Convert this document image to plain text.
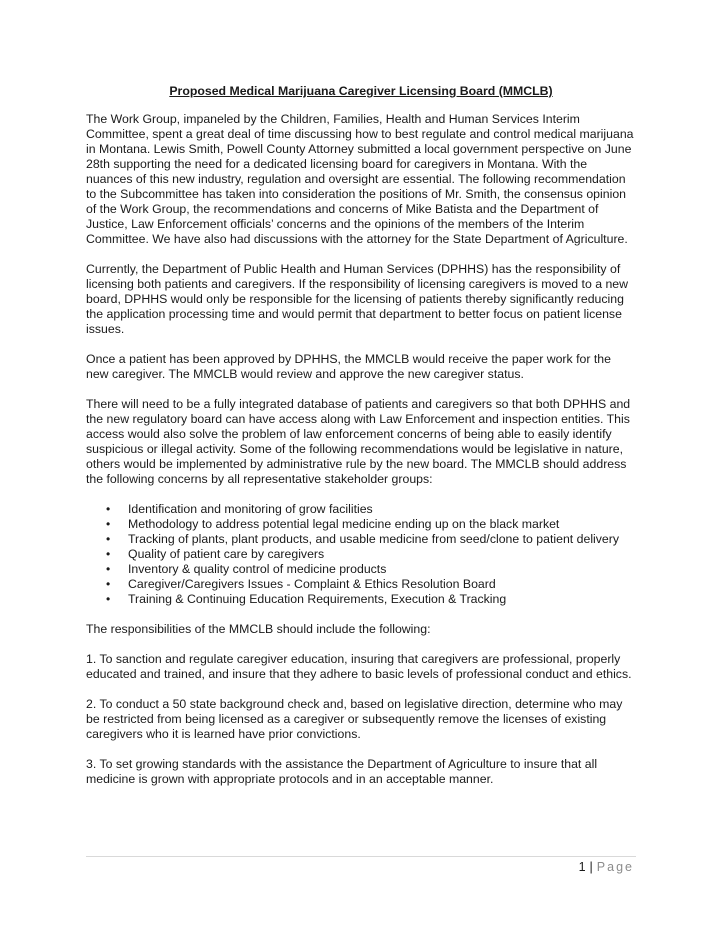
Proposed Medical Marijuana Caregiver Licensing Board (MMCLB)

The Work Group, impaneled by the Children, Families, Health and Human Services Interim Committee, spent a great deal of time discussing how to best regulate and control medical marijuana in Montana. Lewis Smith, Powell County Attorney submitted a local government perspective on June 28th supporting the need for a dedicated licensing board for caregivers in Montana. With the nuances of this new industry, regulation and oversight are essential. The following recommendation to the Subcommittee has taken into consideration the positions of Mr. Smith, the consensus opinion of the Work Group, the recommendations and concerns of Mike Batista and the Department of Justice, Law Enforcement officials’ concerns and the opinions of the members of the Interim Committee. We have also had discussions with the attorney for the State Department of Agriculture.

Currently, the Department of Public Health and Human Services (DPHHS) has the responsibility of licensing both patients and caregivers. If the responsibility of licensing caregivers is moved to a new board, DPHHS would only be responsible for the licensing of patients thereby significantly reducing the application processing time and would permit that department to better focus on patient license issues.

Once a patient has been approved by DPHHS, the MMCLB would receive the paper work for the new caregiver. The MMCLB would review and approve the new caregiver status.

There will need to be a fully integrated database of patients and caregivers so that both DPHHS and the new regulatory board can have access along with Law Enforcement and inspection entities. This access would also solve the problem of law enforcement concerns of being able to easily identify suspicious or illegal activity. Some of the following recommendations would be legislative in nature, others would be implemented by administrative rule by the new board. The MMCLB should address the following concerns by all representative stakeholder groups:

• Identification and monitoring of grow facilities
• Methodology to address potential legal medicine ending up on the black market
• Tracking of plants, plant products, and usable medicine from seed/clone to patient delivery
• Quality of patient care by caregivers
• Inventory & quality control of medicine products
• Caregiver/Caregivers Issues - Complaint & Ethics Resolution Board
• Training & Continuing Education Requirements, Execution & Tracking

The responsibilities of the MMCLB should include the following:

1. To sanction and regulate caregiver education, insuring that caregivers are professional, properly educated and trained, and insure that they adhere to basic levels of professional conduct and ethics.

2. To conduct a 50 state background check and, based on legislative direction, determine who may be restricted from being licensed as a caregiver or subsequently remove the licenses of existing caregivers who it is learned have prior convictions.

3. To set growing standards with the assistance the Department of Agriculture to insure that all medicine is grown with appropriate protocols and in an acceptable manner.

1 | Page
